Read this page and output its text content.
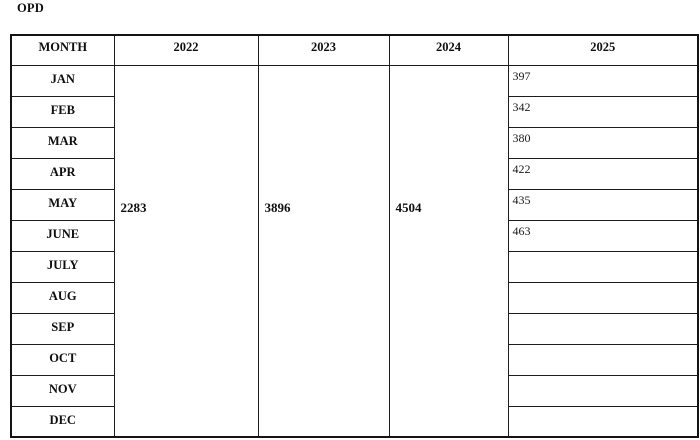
OPD
MONTH	2022	2023	2024	2025
JAN	2283	3896	4504	397
FEB				342
MAR				380
APR				422
MAY				435
JUNE				463
JULY				
AUG				
SEP				
OCT				
NOV				
DEC				
